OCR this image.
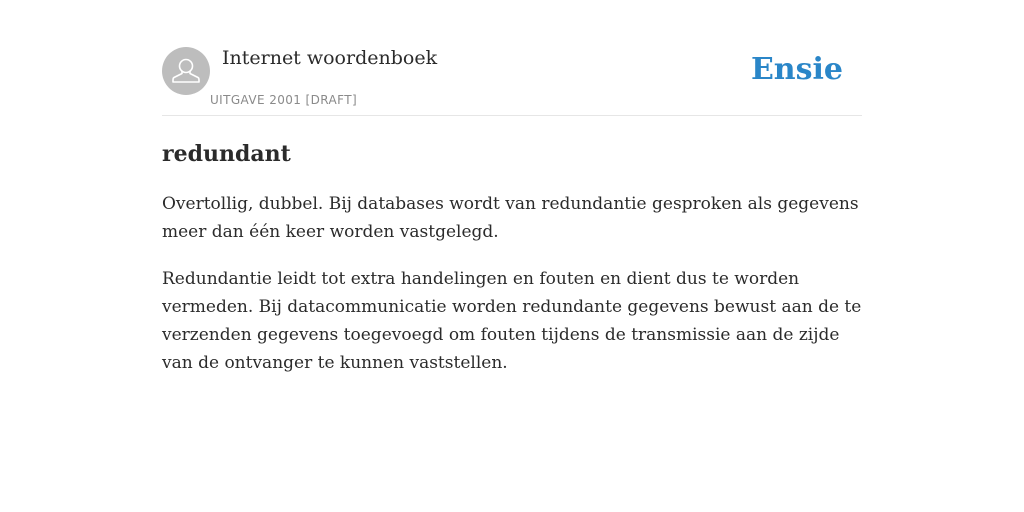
Internet woordenboek
UITGAVE 2001 [DRAFT]
Ensie
redundant

Overtollig, dubbel. Bij databases wordt van redundantie gesproken als gegevens meer dan één keer worden vastgelegd.

Redundantie leidt tot extra handelingen en fouten en dient dus te worden vermeden. Bij datacommunicatie worden redundante gegevens bewust aan de te verzenden gegevens toegevoegd om fouten tijdens de transmissie aan de zijde van de ontvanger te kunnen vaststellen.
